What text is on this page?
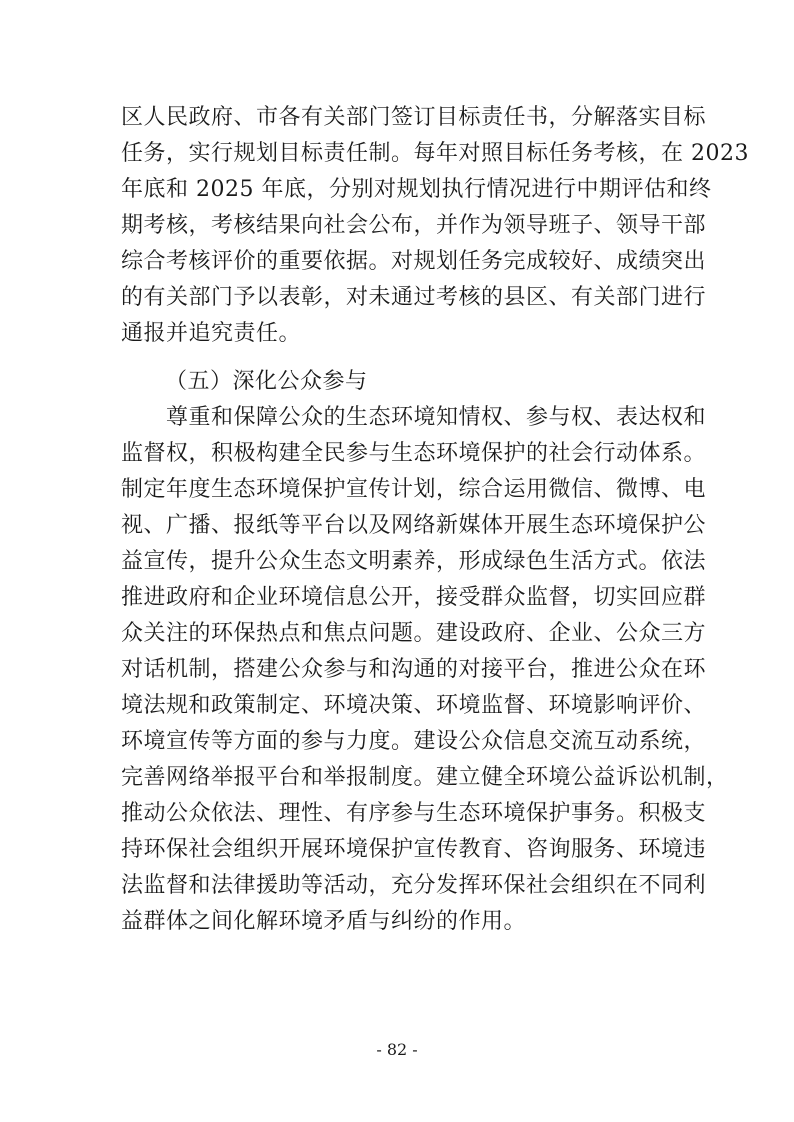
区人民政府、市各有关部门签订目标责任书，分解落实目标
任务，实行规划目标责任制。每年对照目标任务考核，在 2023
年底和 2025 年底，分别对规划执行情况进行中期评估和终
期考核，考核结果向社会公布，并作为领导班子、领导干部
综合考核评价的重要依据。对规划任务完成较好、成绩突出
的有关部门予以表彰，对未通过考核的县区、有关部门进行
通报并追究责任。
（五）深化公众参与
　　尊重和保障公众的生态环境知情权、参与权、表达权和
监督权，积极构建全民参与生态环境保护的社会行动体系。
制定年度生态环境保护宣传计划，综合运用微信、微博、电
视、广播、报纸等平台以及网络新媒体开展生态环境保护公
益宣传，提升公众生态文明素养，形成绿色生活方式。依法
推进政府和企业环境信息公开，接受群众监督，切实回应群
众关注的环保热点和焦点问题。建设政府、企业、公众三方
对话机制，搭建公众参与和沟通的对接平台，推进公众在环
境法规和政策制定、环境决策、环境监督、环境影响评价、
环境宣传等方面的参与力度。建设公众信息交流互动系统，
完善网络举报平台和举报制度。建立健全环境公益诉讼机制，
推动公众依法、理性、有序参与生态环境保护事务。积极支
持环保社会组织开展环境保护宣传教育、咨询服务、环境违
法监督和法律援助等活动，充分发挥环保社会组织在不同利
益群体之间化解环境矛盾与纠纷的作用。
- 82 -
